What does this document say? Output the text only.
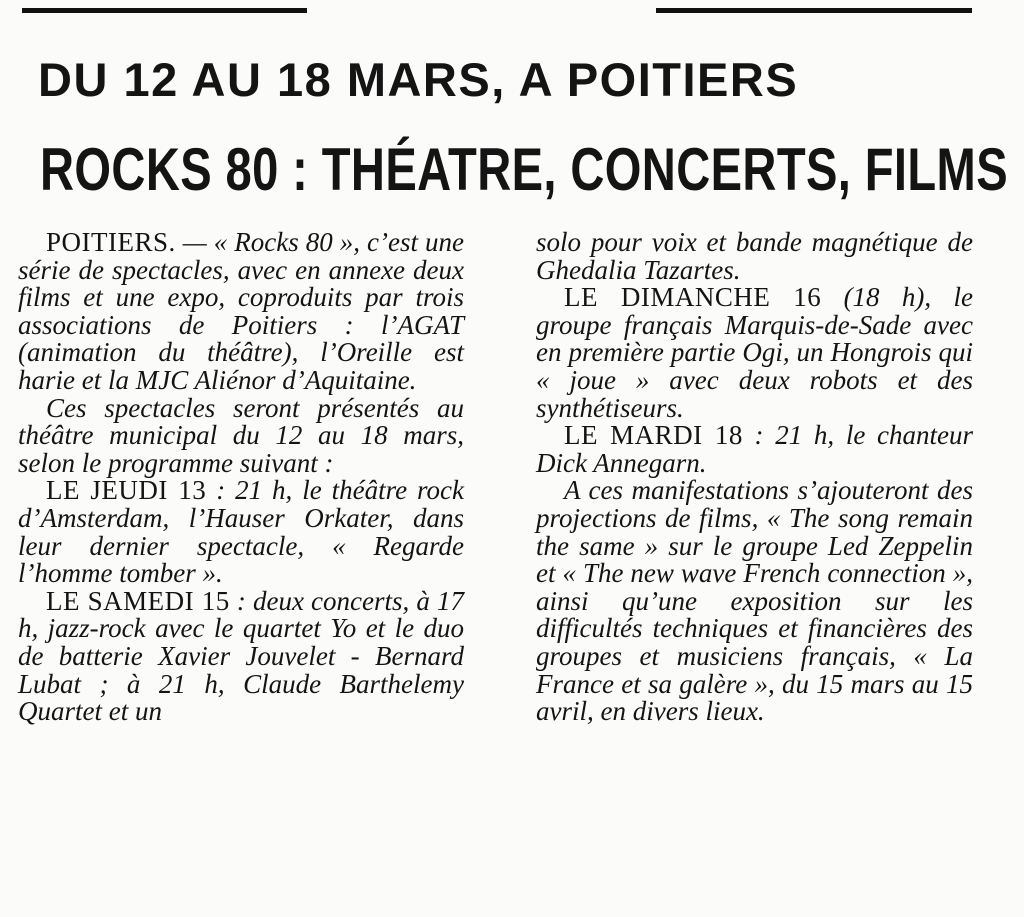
DU 12 AU 18 MARS, A POITIERS
ROCKS 80 : THÉATRE, CONCERTS, FILMS

POITIERS. — « Rocks 80 », c’est une série de spectacles, avec en annexe deux films et une expo, coproduits par trois associations de Poitiers : l’AGAT (animation du théâtre), l’Oreille est harie et la MJC Aliénor d’Aquitaine.

Ces spectacles seront présentés au théâtre municipal du 12 au 18 mars, selon le programme suivant :

LE JEUDI 13 : 21 h, le théâtre rock d’Amsterdam, l’Hauser Orkater, dans leur dernier spectacle, « Regarde l’homme tomber ».

LE SAMEDI 15 : deux concerts, à 17 h, jazz-rock avec le quartet Yo et le duo de batterie Xavier Jouvelet - Bernard Lubat ; à 21 h, Claude Barthelemy Quartet et un

solo pour voix et bande magnétique de Ghedalia Tazartes.

LE DIMANCHE 16 (18 h), le groupe français Marquis-de-Sade avec en première partie Ogi, un Hongrois qui « joue » avec deux robots et des synthétiseurs.

LE MARDI 18 : 21 h, le chanteur Dick Annegarn.

A ces manifestations s’ajouteront des projections de films, « The song remain the same » sur le groupe Led Zeppelin et « The new wave French connection », ainsi qu’une exposition sur les difficultés techniques et financières des groupes et musiciens français, « La France et sa galère », du 15 mars au 15 avril, en divers lieux.
